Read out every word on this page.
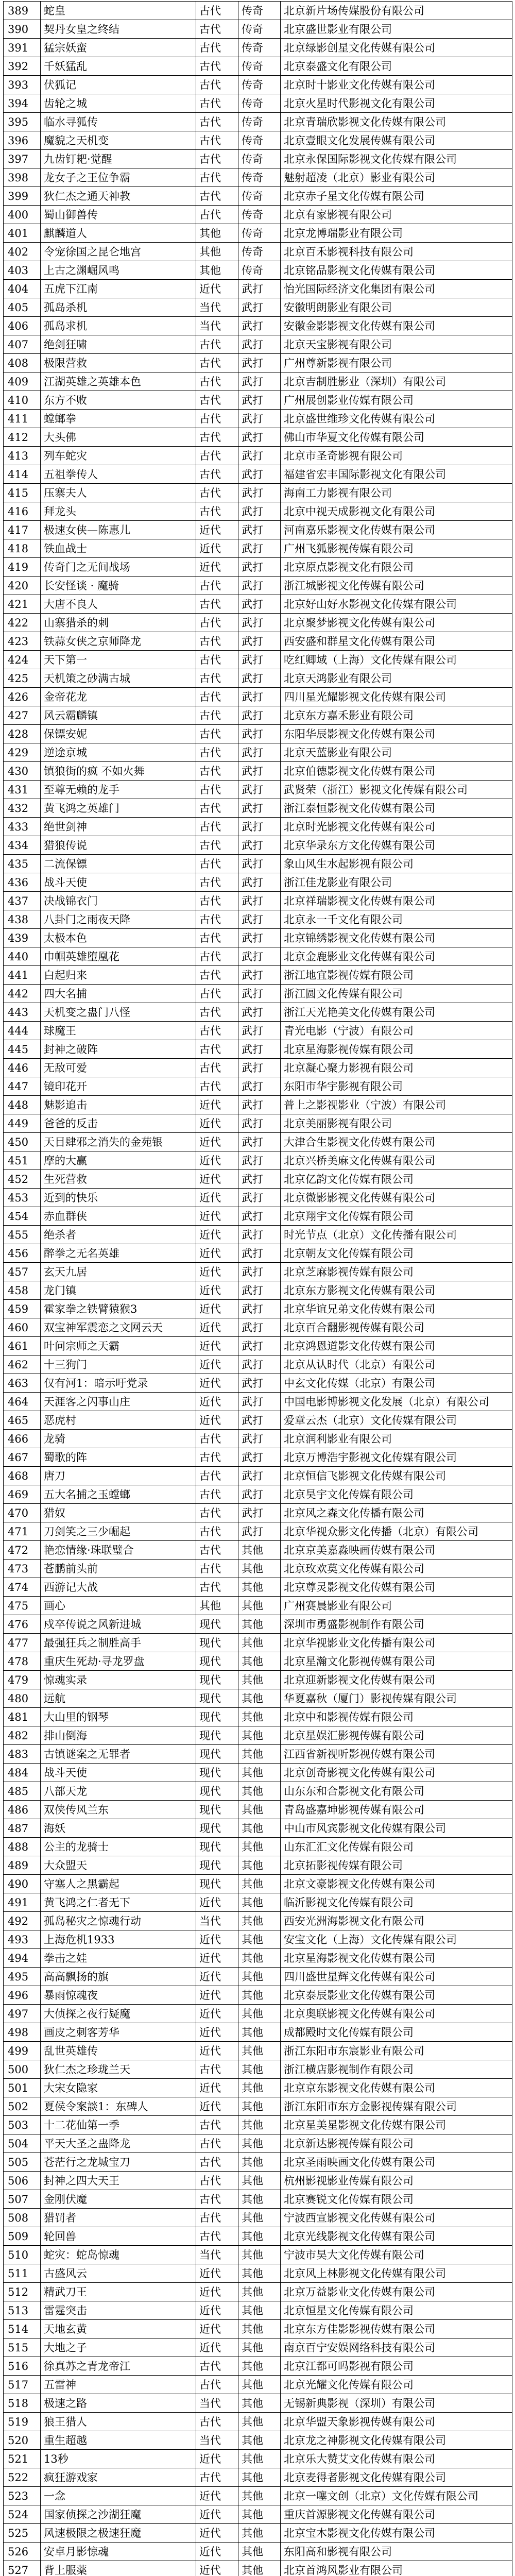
389	蛇皇	古代	传奇	北京新片场传媒股份有限公司
390	契丹女皇之终结	古代	传奇	北京盛世影业有限公司
391	猛宗妖蛮	古代	传奇	北京绿影创星文化传媒有限公司
392	千妖猛乱	古代	传奇	北京泰盛文化有限公司
393	伏狐记	古代	传奇	北京时十影业文化传媒有限公司
394	齿轮之城	古代	传奇	北京火星时代影视文化有限公司
395	临水寻狐传	古代	传奇	北京青瑞欣影视文化传媒有限公司
396	魔貌之天机变	古代	传奇	北京壹眼文化发展传媒有限公司
397	九齿钉耙·觉醒	古代	传奇	北京永保国际影视文化传媒有限公司
398	龙女子之王位争霸	古代	传奇	魅射超凌（北京）影业有限公司
399	狄仁杰之通天神教	古代	传奇	北京赤子星文化传媒有限公司
400	蜀山御兽传	古代	传奇	北京有家影视有限公司
401	麒麟道人	其他	传奇	北京龙博瑞影业有限公司
402	令宠徐国之昆仑地宫	其他	传奇	北京百禾影视科技有限公司
403	上古之渊崛风鸣	其他	传奇	北京铭品影视文化传媒有限公司
404	五虎下江南	近代	武打	怡光国际经济文化集团有限公司
405	孤岛杀机	当代	武打	安徽明朗影业有限公司
406	孤岛求机	当代	武打	安徽金影影视文化传媒有限公司
407	绝剑狂啸	古代	武打	北京天宝影视有限公司
408	极限营救	古代	武打	广州尊新影视有限公司
409	江湖英雄之英雄本色	古代	武打	北京吉制胜影业（深圳）有限公司
410	东方不败	古代	武打	广州展创影业传媒有限公司
411	螳螂拳	古代	武打	北京盛世维珍文化传媒有限公司
412	大头佛	古代	武打	佛山市华夏文化传媒有限公司
413	列车蛇灾	古代	武打	北京市圣奇影视有限公司
414	五祖拳传人	古代	武打	福建省宏丰国际影视文化有限公司
415	压寨夫人	古代	武打	海南工力影视有限公司
416	拜龙头	古代	武打	北京中视天成影视文化有限公司
417	极速女侠—陈惠儿	近代	武打	河南嘉乐影视文化传媒有限公司
418	铁血战士	近代	武打	广州飞狐影视传媒有限公司
419	传奇门之无间战场	近代	武打	北京原点影视文化有限公司
420	长安怪谈 · 魔骑	古代	武打	浙江城影视文化传媒有限公司
421	大唐不良人	古代	武打	北京好山好水影视文化传媒有限公司
422	山寨猎杀的刺	古代	武打	北京聚梦影视文化传媒有限公司
423	铁蒜女侠之京师降龙	古代	武打	西安盛和群星文化传媒有限公司
424	天下第一	古代	武打	吃红卿域（上海）文化传媒有限公司
425	天机策之砂满古城	古代	武打	北京天鸿影业有限公司
426	金帝花龙	古代	武打	四川星光耀影视文化传媒有限公司
427	风云霸麟镇	古代	武打	北京东方嘉禾影业有限公司
428	保镖安妮	古代	武打	东阳华辰影视文化传媒有限公司
429	逆途京城	古代	武打	北京天蓝影业有限公司
430	镇狼街的疯 不如火舞	古代	武打	北京伯德影视文化传媒有限公司
431	至尊无赖的龙手	古代	武打	武贤荣（浙江）影视文化传媒有限公司
432	黄飞鸿之英雄门	古代	武打	浙江泰恒影视文化传媒有限公司
433	绝世剑神	古代	武打	北京时光影视文化传媒有限公司
434	猎狼传说	古代	武打	北京华录东方文化传媒有限公司
435	二流保镖	古代	武打	象山风生水起影视有限公司
436	战斗天使	古代	武打	浙江佳龙影业有限公司
437	决战锦衣门	古代	武打	北京祥瑞影视文化传媒有限公司
438	八卦门之雨夜天降	古代	武打	北京永一千文化有限公司
439	太极本色	古代	武打	北京锦绣影视文化传媒有限公司
440	巾帼英雄堕凰花	古代	武打	北京金鹿影业文化传媒有限公司
441	白起归来	古代	武打	浙江地宜影视传媒有限公司
442	四大名捕	古代	武打	浙江圆文化传媒有限公司
443	天机变之蛊门八怪	古代	武打	浙江天光艳美文化传媒有限公司
444	球魔王	古代	武打	青光电影（宁波）有限公司
445	封神之破阵	古代	武打	北京星海影视传媒有限公司
446	无敌可爱	古代	武打	北京凝心聚力影视有限公司
447	镜印花开	古代	武打	东阳市华宇影视有限公司
448	魅影追击	近代	武打	普上之影视影业（宁波）有限公司
449	爸爸的反击	近代	武打	北京美丽影视有限公司
450	天目肆邪之消失的金苑银	近代	武打	大津合生影视文化传媒有限公司
451	摩的大赢	近代	武打	北京兴桥美麻文化传媒有限公司
452	生死营救	近代	武打	北京亿韵文化传媒有限公司
453	近到的快乐	近代	武打	北京微影影视文化传媒有限公司
454	赤血群侠	近代	武打	北京翔宇文化传媒有限公司
455	绝杀者	近代	武打	时光节点（北京）文化传播有限公司
456	醉拳之无名英雄	近代	武打	北京朝友文化传媒有限公司
457	玄天九居	近代	武打	北京芝麻影视传媒有限公司
458	龙门镇	近代	武打	北京东方影视文化传媒有限公司
459	霍家拳之铁臂猿猴3	近代	武打	北京华谊兄弟文化传媒有限公司
460	双宝神军震恋之文网云天	近代	武打	北京百合翻影视传媒有限公司
461	叶问宗师之天霸	近代	武打	北京鸿恩道影文化传媒有限公司
462	十三狗门	近代	武打	北京从认时代（北京）有限公司
463	仅有河1：暗示吁党录	近代	武打	中玄文化传媒（北京）有限公司
464	天涯客之闪事山庄	近代	武打	中国电影博影视文化发展（北京）有限公司
465	恶虎村	近代	武打	爱章云杰（北京）文化传媒有限公司
466	龙骑	古代	武打	北京润利影业有限公司
467	蜀歌的阵	古代	武打	北京万博浩宇影视文化传媒有限公司
468	唐刀	古代	武打	北京恒信飞影视文化传媒有限公司
469	五大名捕之玉螳螂	古代	武打	北京昊宇文化传媒有限公司
470	猎奴	古代	武打	北京风之森文化传播有限公司
471	刀剑笑之三少崛起	古代	武打	北京华视众影文化传播（北京）有限公司
472	艳恋情缘·珠联璧合	古代	其他	北京京美嘉淼映画传媒有限公司
473	苍鹏前头前	古代	其他	北京玫欢莫文化传媒有限公司
474	西游记大战	古代	其他	北京尊灵影视文化传媒有限公司
475	画心	其他	其他	广州赛晨影业有限公司
476	戍卒传说之风新进城	现代	其他	深圳市勇盛影视制作有限公司
477	最强狂兵之制胜高手	现代	其他	北京华视影业文化传播有限公司
478	重庆生死劫·寻龙罗盘	现代	其他	北京星瀚文化影视传媒有限公司
479	惊魂实录	现代	其他	北京迎新影视文化传媒有限公司
480	远航	现代	其他	华夏嘉秋（厦门）影视传媒有限公司
481	大山里的钢琴	现代	其他	北京中和影视传媒有限公司
482	排山倒海	现代	其他	北京星娱汇影视传媒有限公司
483	古镇谜案之无罪者	现代	其他	江西省新视听影视传媒有限公司
484	战斗天使	现代	其他	北京创奇影视文化传媒有限公司
485	八部天龙	现代	其他	山东东和合影视文化有限公司
486	双侠传风兰东	现代	其他	青岛盛嘉坤影视传媒有限公司
487	海妖	现代	其他	中山市风宾影视文化传媒有限公司
488	公主的龙骑士	现代	其他	山东汇汇文化传媒有限公司
489	大众盟天	现代	其他	北京拓影视传媒有限公司
490	守塞人之黑霸起	现代	其他	北京文豪影视文化传媒有限公司
491	黄飞鸿之仁者无下	近代	其他	临沂影视文化传媒有限公司
492	孤岛秘灾之惊魂行动	当代	其他	西安光洲海影视文化有限公司
493	上海危机1933	近代	其他	安宝文化（上海）文化传媒有限公司
494	拳击之娃	近代	其他	北京星海影视文化传媒有限公司
495	高高飘扬的旗	近代	其他	四川盛世星辉文化传媒有限公司
496	暴雨惊魂夜	近代	其他	北京泰辰影业文化传媒有限公司
497	大侦探之夜行疑魔	近代	其他	北京奥联影视文化传媒有限公司
498	画皮之刺客芳华	近代	其他	成都殿时文化传媒有限公司
499	乱世英雄传	近代	其他	浙江东阳市东宸影业有限公司
500	狄仁杰之珍珑兰天	古代	其他	浙江横店影视制作有限公司
501	大宋女隐家	近代	其他	北京京东影视文化传媒有限公司
502	夏侯令案談1：东碑人	近代	其他	浙江东阳市东方金影视传媒有限公司
503	十二花仙第一季	古代	其他	北京星美星影视文化传媒有限公司
504	平天大圣之蛊降龙	古代	其他	北京新达影视传媒有限公司
505	苍茫行之龙城宝刀	古代	其他	北京圣雨映画文化传媒有限公司
506	封神之四大天王	古代	其他	杭州影视影业传媒有限公司
507	金刚伏魔	古代	其他	北京赛锐文化传媒有限公司
508	猎罚者	古代	其他	宁波西宣影视文化传媒有限公司
509	轮回兽	古代	其他	北京光线影视文化传媒有限公司
510	蛇灾：蛇岛惊魂	当代	其他	宁波市昊大文化传媒有限公司
511	古盛风云	近代	其他	北京风上林影视文化传媒有限公司
512	精武刀王	近代	其他	北京万益影业文化传媒有限公司
513	雷霆突击	近代	其他	北京恒星文化传媒有限公司
514	天地玄黄	近代	其他	北京东方佳影影视传媒有限公司
515	大地之子	近代	其他	南京百宁安娱网络科技有限公司
516	徐真苏之青龙帝江	古代	其他	北京江都可吗影视有限公司
517	五雷神	古代	其他	北京光耀文化传媒有限公司
518	极速之路	当代	其他	无锡新典影视（深圳）有限公司
519	狼王猎人	古代	其他	北京华盟天象影视传媒有限公司
520	重生超越	当代	其他	北京龙之神影视文化传媒有限公司
521	13秒	近代	其他	北京乐大赞艾文化传媒有限公司
522	疯狂游戏家	古代	其他	北京麦得者影视文化传媒有限公司
523	一念	近代	其他	北京一噻文创（北京）文化传媒有限公司
524	国家侦探之沙湖狂魔	近代	其他	重庆首源影视文化传媒有限公司
525	风速极限之极速狂魔	近代	其他	北京宝木影视文化传媒有限公司
526	安卓月影惊魂	近代	其他	东阳高和影视有限公司
527	背上服薬	近代	其他	北京首鸿风影业有限公司
